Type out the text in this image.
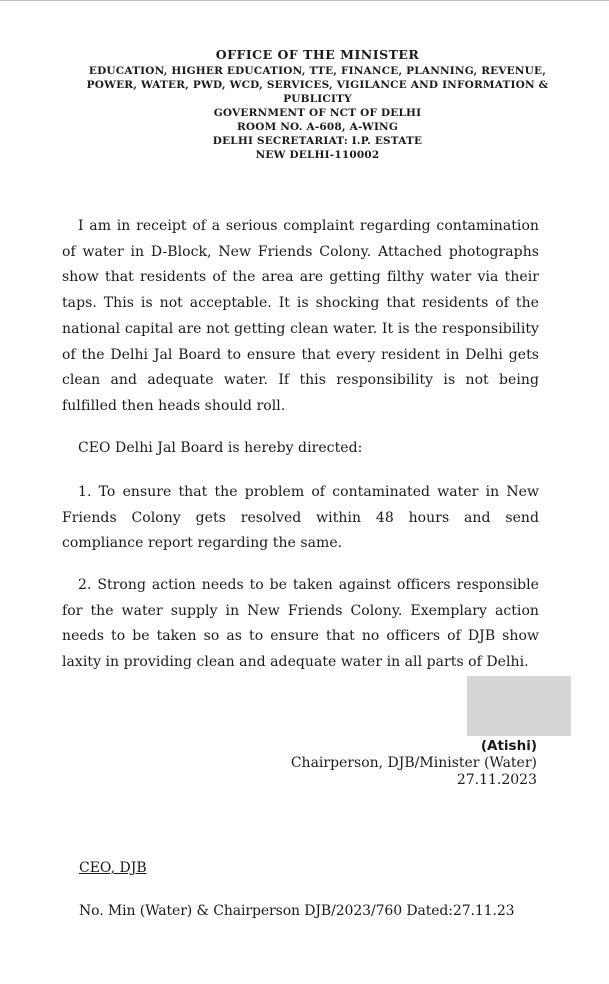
OFFICE OF THE MINISTER
EDUCATION, HIGHER EDUCATION, TTE, FINANCE, PLANNING, REVENUE,
POWER, WATER, PWD, WCD, SERVICES, VIGILANCE AND INFORMATION &
PUBLICITY
GOVERNMENT OF NCT OF DELHI
ROOM NO. A-608, A-WING
DELHI SECRETARIAT: I.P. ESTATE
NEW DELHI-110002

I am in receipt of a serious complaint regarding contamination of water in D-Block, New Friends Colony. Attached photographs show that residents of the area are getting filthy water via their taps. This is not acceptable. It is shocking that residents of the national capital are not getting clean water. It is the responsibility of the Delhi Jal Board to ensure that every resident in Delhi gets clean and adequate water. If this responsibility is not being fulfilled then heads should roll.

CEO Delhi Jal Board is hereby directed:

1. To ensure that the problem of contaminated water in New Friends Colony gets resolved within 48 hours and send compliance report regarding the same.

2. Strong action needs to be taken against officers responsible for the water supply in New Friends Colony. Exemplary action needs to be taken so as to ensure that no officers of DJB show laxity in providing clean and adequate water in all parts of Delhi.

(Atishi)
Chairperson, DJB/Minister (Water)
27.11.2023
CEO, DJB
No. Min (Water) & Chairperson DJB/2023/760 Dated:27.11.23
